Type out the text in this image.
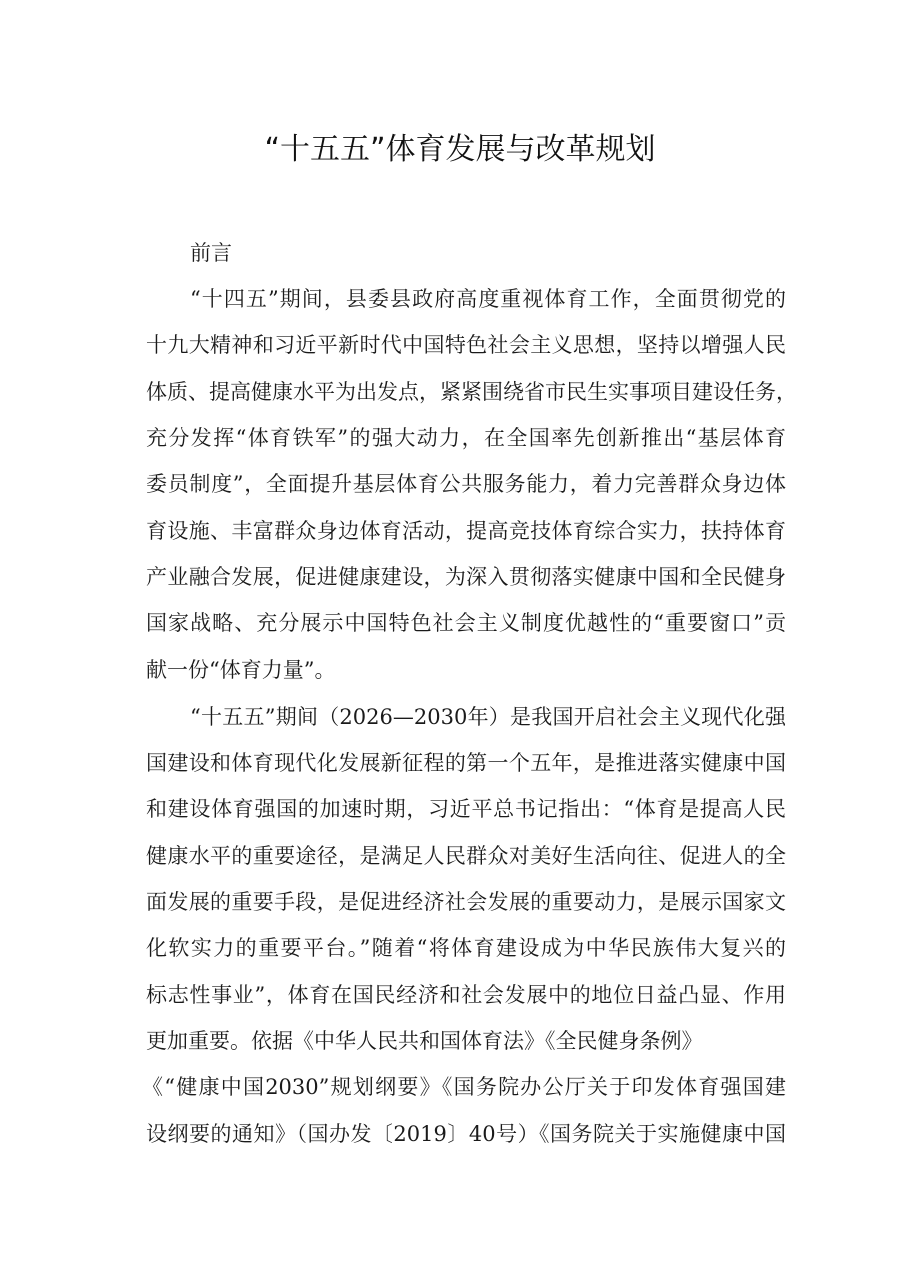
“十五五”体育发展与改革规划
前言
“十四五”期间，县委县政府高度重视体育工作，全面贯彻党的
十九大精神和习近平新时代中国特色社会主义思想，坚持以增强人民
体质、提高健康水平为出发点，紧紧围绕省市民生实事项目建设任务，
充分发挥“体育铁军”的强大动力，在全国率先创新推出“基层体育
委员制度”，全面提升基层体育公共服务能力，着力完善群众身边体
育设施、丰富群众身边体育活动，提高竞技体育综合实力，扶持体育
产业融合发展，促进健康建设，为深入贯彻落实健康中国和全民健身
国家战略、充分展示中国特色社会主义制度优越性的“重要窗口”贡
献一份“体育力量”。
“十五五”期间（2026—2030年）是我国开启社会主义现代化强
国建设和体育现代化发展新征程的第一个五年，是推进落实健康中国
和建设体育强国的加速时期，习近平总书记指出：“体育是提高人民
健康水平的重要途径，是满足人民群众对美好生活向往、促进人的全
面发展的重要手段，是促进经济社会发展的重要动力，是展示国家文
化软实力的重要平台。”随着“将体育建设成为中华民族伟大复兴的
标志性事业”，体育在国民经济和社会发展中的地位日益凸显、作用
更加重要。依据《中华人民共和国体育法》《全民健身条例》
《“健康中国2030”规划纲要》《国务院办公厅关于印发体育强国建
设纲要的通知》（国办发〔2019〕40号）《国务院关于实施健康中国
